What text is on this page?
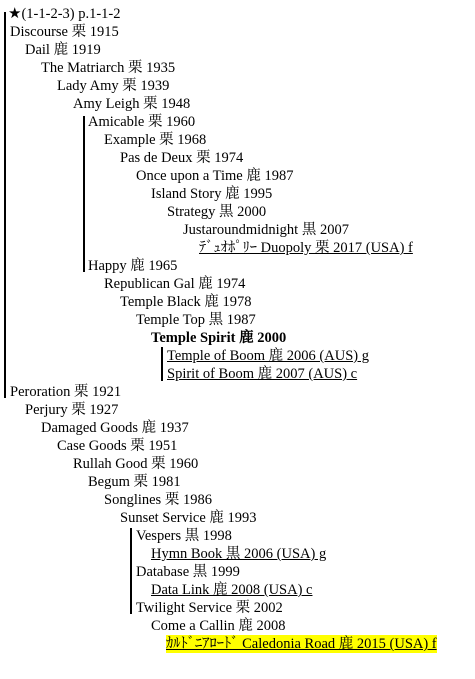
★(1-1-2-3) p.1-1-2
Discourse 栗 1915
Dail 鹿 1919
The Matriarch 栗 1935
Lady Amy 栗 1939
Amy Leigh 栗 1948
Amicable 栗 1960
Example 栗 1968
Pas de Deux 栗 1974
Once upon a Time 鹿 1987
Island Story 鹿 1995
Strategy 黒 2000
Justaroundmidnight 黒 2007
ﾃﾞｭｵﾎﾟﾘｰ Duopoly 栗 2017 (USA) f
Happy 鹿 1965
Republican Gal 鹿 1974
Temple Black 鹿 1978
Temple Top 黒 1987
Temple Spirit 鹿 2000
Temple of Boom 鹿 2006 (AUS) g
Spirit of Boom 鹿 2007 (AUS) c
Peroration 栗 1921
Perjury 栗 1927
Damaged Goods 鹿 1937
Case Goods 栗 1951
Rullah Good 栗 1960
Begum 栗 1981
Songlines 栗 1986
Sunset Service 鹿 1993
Vespers 黒 1998
Hymn Book 黒 2006 (USA) g
Database 黒 1999
Data Link 鹿 2008 (USA) c
Twilight Service 栗 2002
Come a Callin 鹿 2008
ｶﾙﾄﾞﾆｱﾛｰﾄﾞ Caledonia Road 鹿 2015 (USA) f
